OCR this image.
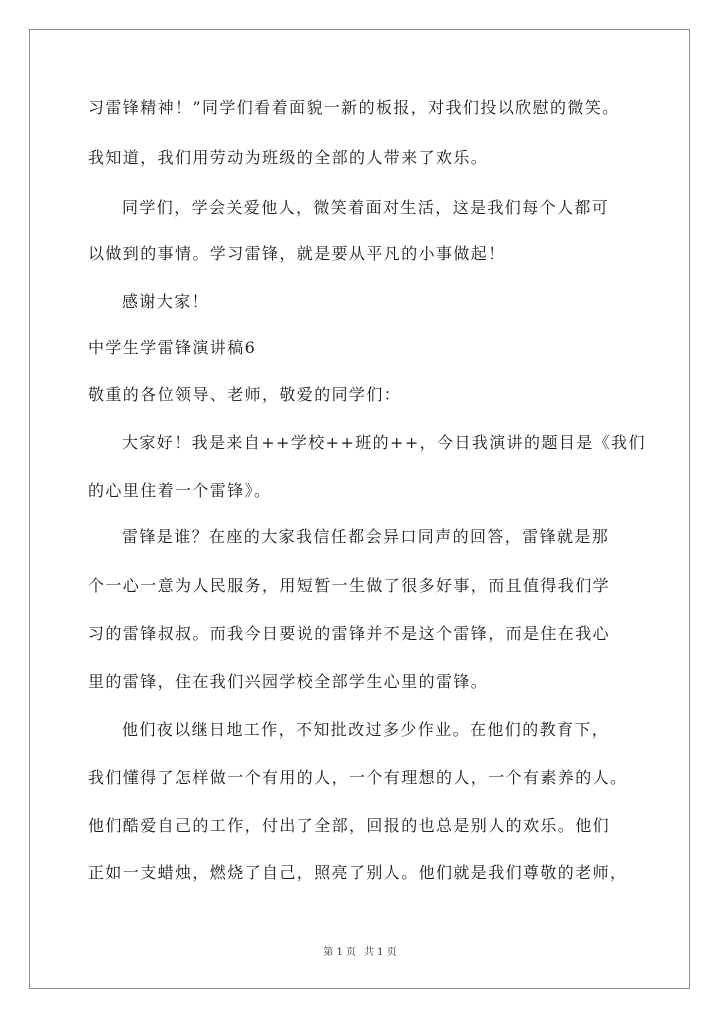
习雷锋精神！”同学们看着面貌一新的板报，对我们投以欣慰的微笑。
我知道，我们用劳动为班级的全部的人带来了欢乐。
同学们，学会关爱他人，微笑着面对生活，这是我们每个人都可
以做到的事情。学习雷锋，就是要从平凡的小事做起！
感谢大家！
中学生学雷锋演讲稿6
敬重的各位领导、老师，敬爱的同学们：
大家好！我是来自++学校++班的++，今日我演讲的题目是《我们
的心里住着一个雷锋》。
雷锋是谁？在座的大家我信任都会异口同声的回答，雷锋就是那
个一心一意为人民服务，用短暂一生做了很多好事，而且值得我们学
习的雷锋叔叔。而我今日要说的雷锋并不是这个雷锋，而是住在我心
里的雷锋，住在我们兴园学校全部学生心里的雷锋。
他们夜以继日地工作，不知批改过多少作业。在他们的教育下，
我们懂得了怎样做一个有用的人，一个有理想的人，一个有素养的人。
他们酷爱自己的工作，付出了全部，回报的也总是别人的欢乐。他们
正如一支蜡烛，燃烧了自己，照亮了别人。他们就是我们尊敬的老师，
第 1 页 共 1 页
